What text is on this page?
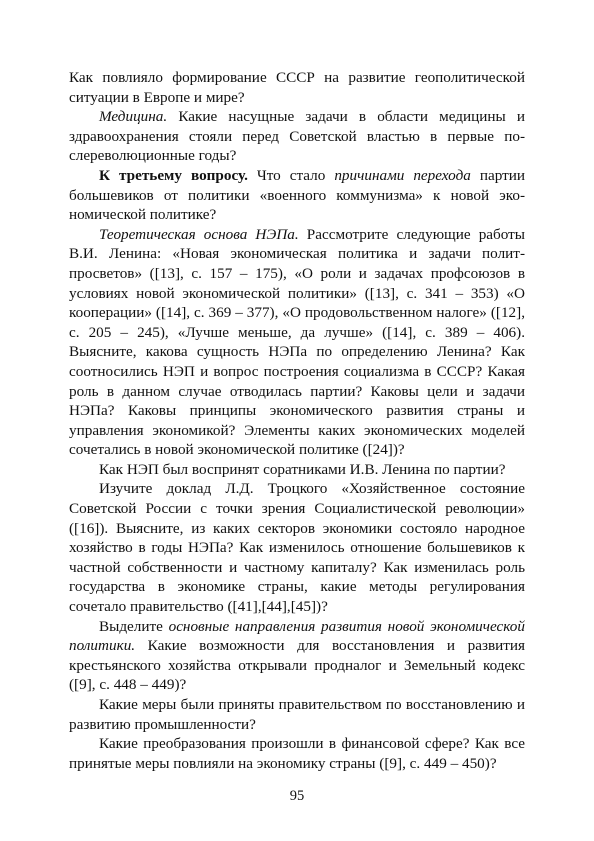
Как повлияло формирование СССР на развитие геополитической ситуации в Европе и мире?

Медицина. Какие насущные задачи в области медицины и здравоохранения стояли перед Советской властью в первые послереволюционные годы?

К третьему вопросу. Что стало причинами перехода партии большевиков от политики «военного коммунизма» к новой экономической политике?

Теоретическая основа НЭПа. Рассмотрите следующие работы В.И. Ленина: «Новая экономическая политика и задачи политпросветов» ([13], с. 157 – 175), «О роли и задачах профсоюзов в условиях новой экономической политики» ([13], с. 341 – 353) «О кооперации» ([14], с. 369 – 377), «О продовольственном налоге» ([12], с. 205 – 245), «Лучше меньше, да лучше» ([14], с. 389 – 406). Выясните, какова сущность НЭПа по определению Ленина? Как соотносились НЭП и вопрос построения социализма в СССР? Какая роль в данном случае отводилась партии? Каковы цели и задачи НЭПа? Каковы принципы экономического развития страны и управления экономикой? Элементы каких экономических моделей сочетались в новой экономической политике ([24])?

Как НЭП был воспринят соратниками И.В. Ленина по партии?

Изучите доклад Л.Д. Троцкого «Хозяйственное состояние Советской России с точки зрения Социалистической революции» ([16]). Выясните, из каких секторов экономики состояло народное хозяйство в годы НЭПа? Как изменилось отношение большевиков к частной собственности и частному капиталу? Как изменилась роль государства в экономике страны, какие методы регулирования сочетало правительство ([41],[44],[45])?

Выделите основные направления развития новой экономической политики. Какие возможности для восстановления и развития крестьянского хозяйства открывали продналог и Земельный кодекс ([9], с. 448 – 449)?

Какие меры были приняты правительством по восстановлению и развитию промышленности?

Какие преобразования произошли в финансовой сфере? Как все принятые меры повлияли на экономику страны ([9], с. 449 – 450)?

95
